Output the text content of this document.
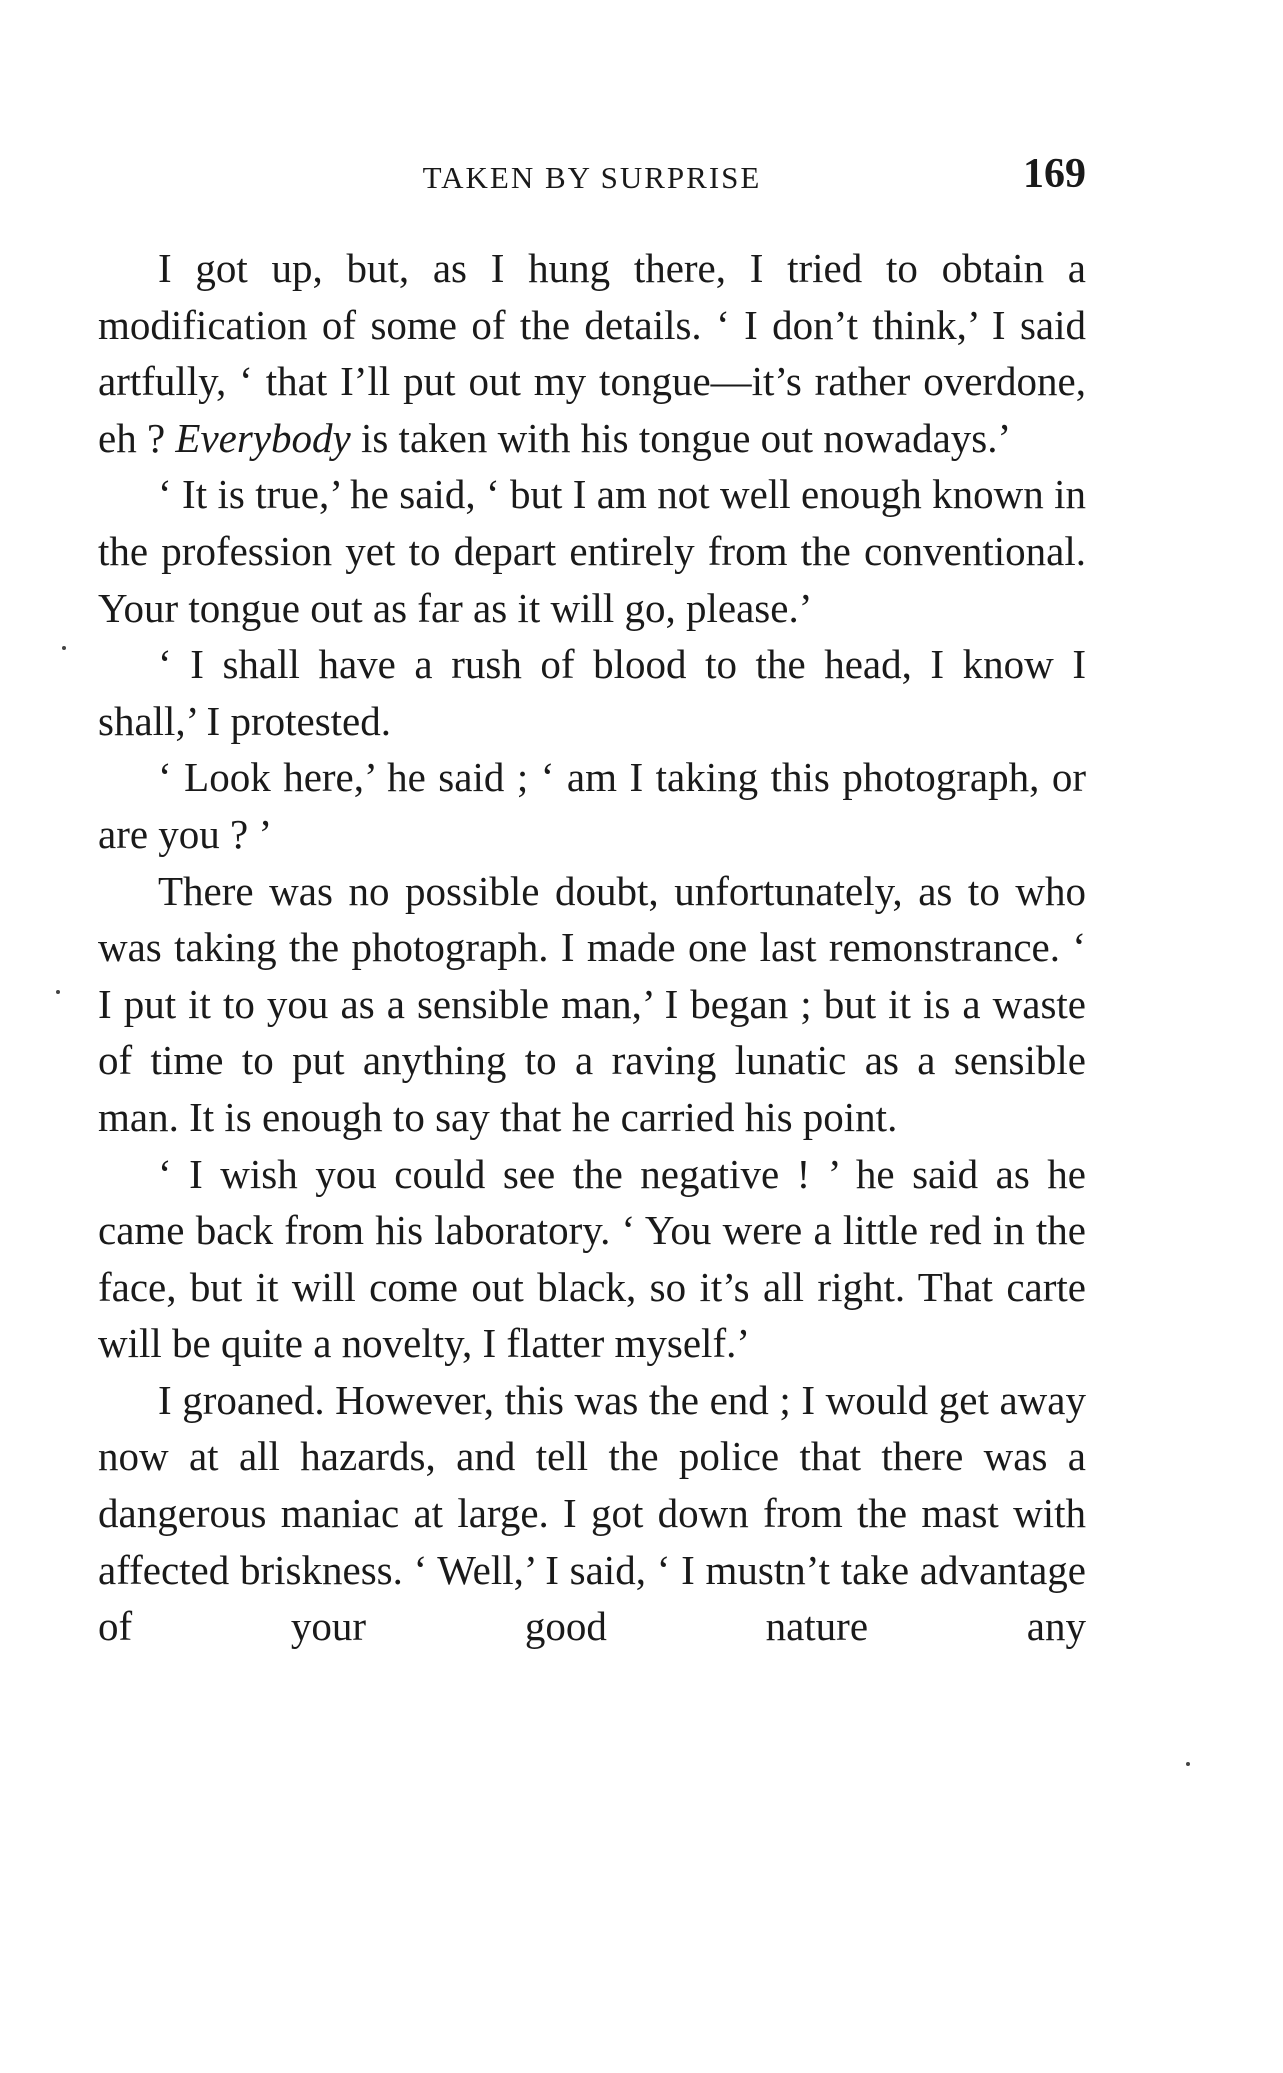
TAKEN BY SURPRISE	169

I got up, but, as I hung there, I tried to obtain a modification of some of the details. ‘ I don’t think,’ I said artfully, ‘ that I’ll put out my tongue—it’s rather overdone, eh ? Everybody is taken with his tongue out nowadays.’

‘ It is true,’ he said, ‘ but I am not well enough known in the profession yet to depart entirely from the conventional. Your tongue out as far as it will go, please.’

‘ I shall have a rush of blood to the head, I know I shall,’ I protested.

‘ Look here,’ he said ; ‘ am I taking this photograph, or are you ? ’

There was no possible doubt, unfortunately, as to who was taking the photograph. I made one last remonstrance. ‘ I put it to you as a sensible man,’ I began ; but it is a waste of time to put anything to a raving lunatic as a sensible man. It is enough to say that he carried his point.

‘ I wish you could see the negative ! ’ he said as he came back from his laboratory. ‘ You were a little red in the face, but it will come out black, so it’s all right. That carte will be quite a novelty, I flatter myself.’

I groaned. However, this was the end ; I would get away now at all hazards, and tell the police that there was a dangerous maniac at large. I got down from the mast with affected briskness. ‘ Well,’ I said, ‘ I mustn’t take advantage of your good nature any
